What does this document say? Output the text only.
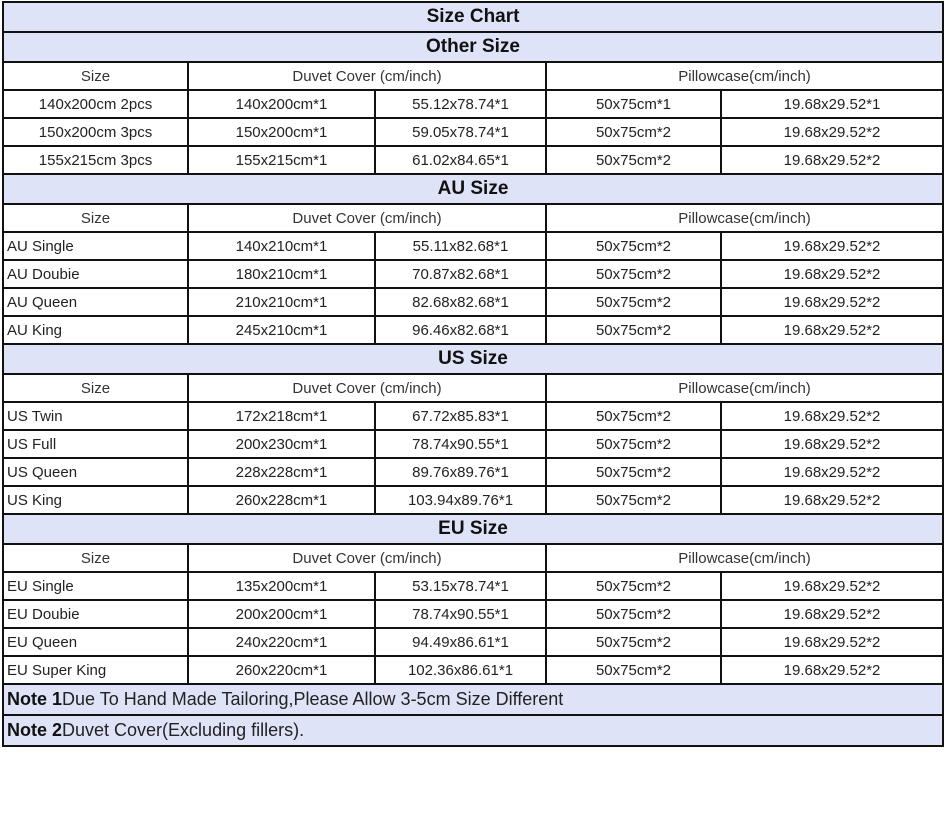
Size Chart				
Other Size				
Size	Duvet Cover (cm/inch)		Pillowcase(cm/inch)	
140x200cm 2pcs	140x200cm*1	55.12x78.74*1	50x75cm*1	19.68x29.52*1
150x200cm 3pcs	150x200cm*1	59.05x78.74*1	50x75cm*2	19.68x29.52*2
155x215cm 3pcs	155x215cm*1	61.02x84.65*1	50x75cm*2	19.68x29.52*2
AU Size				
Size	Duvet Cover (cm/inch)		Pillowcase(cm/inch)	
AU Single	140x210cm*1	55.11x82.68*1	50x75cm*2	19.68x29.52*2
AU Doubie	180x210cm*1	70.87x82.68*1	50x75cm*2	19.68x29.52*2
AU Queen	210x210cm*1	82.68x82.68*1	50x75cm*2	19.68x29.52*2
AU King	245x210cm*1	96.46x82.68*1	50x75cm*2	19.68x29.52*2
US Size				
Size	Duvet Cover (cm/inch)		Pillowcase(cm/inch)	
US Twin	172x218cm*1	67.72x85.83*1	50x75cm*2	19.68x29.52*2
US Full	200x230cm*1	78.74x90.55*1	50x75cm*2	19.68x29.52*2
US Queen	228x228cm*1	89.76x89.76*1	50x75cm*2	19.68x29.52*2
US King	260x228cm*1	103.94x89.76*1	50x75cm*2	19.68x29.52*2
EU Size				
Size	Duvet Cover (cm/inch)		Pillowcase(cm/inch)	
EU Single	135x200cm*1	53.15x78.74*1	50x75cm*2	19.68x29.52*2
EU Doubie	200x200cm*1	78.74x90.55*1	50x75cm*2	19.68x29.52*2
EU Queen	240x220cm*1	94.49x86.61*1	50x75cm*2	19.68x29.52*2
EU Super King	260x220cm*1	102.36x86.61*1	50x75cm*2	19.68x29.52*2
Note 1Due To Hand Made Tailoring,Please Allow 3-5cm Size Different				
Note 2Duvet Cover(Excluding fillers).				
